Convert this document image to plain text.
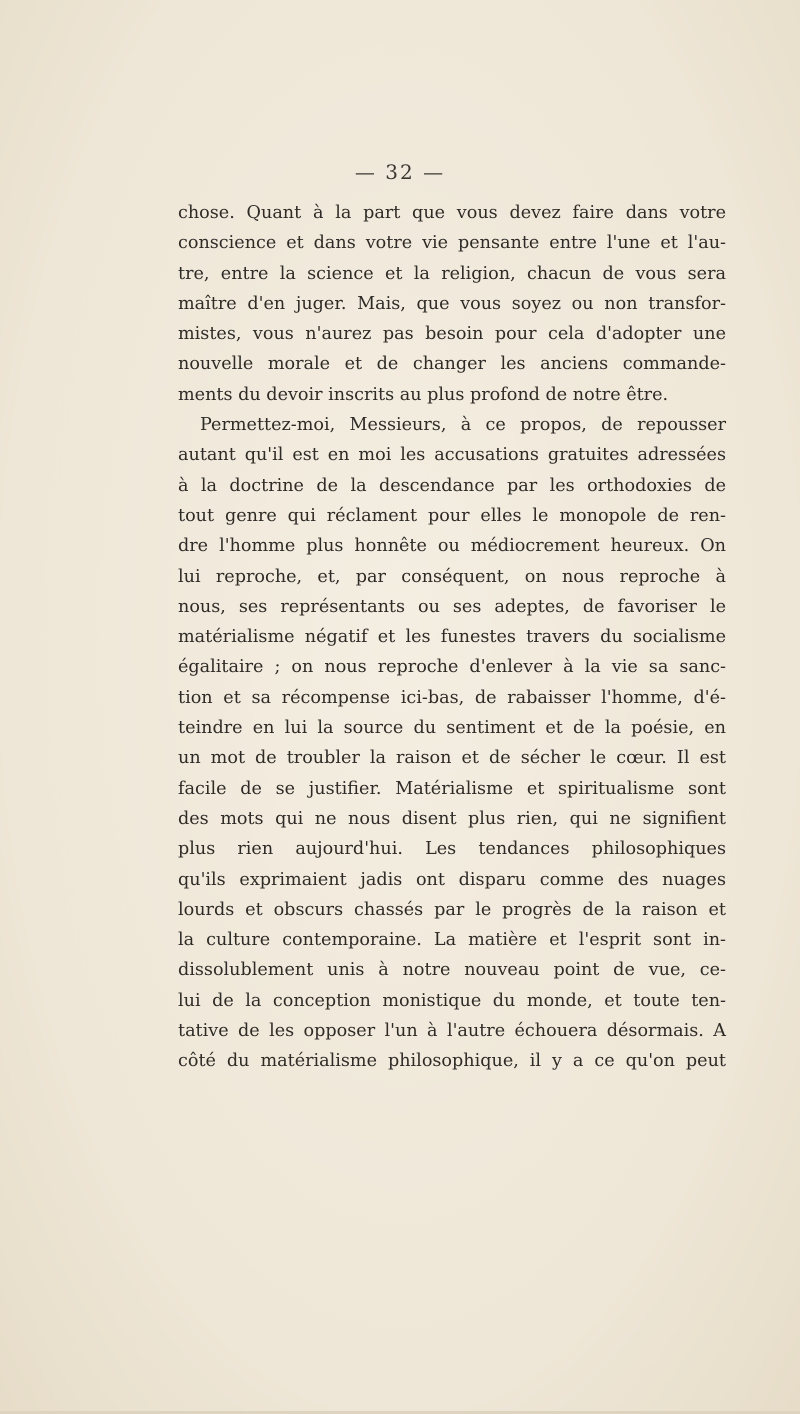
— 32 —
chose. Quant à la part que vous devez faire dans votre
conscience et dans votre vie pensante entre l'une et l'au-
tre, entre la science et la religion, chacun de vous sera
maître d'en juger. Mais, que vous soyez ou non transfor-
mistes, vous n'aurez pas besoin pour cela d'adopter une
nouvelle morale et de changer les anciens commande-
ments du devoir inscrits au plus profond de notre être.
Permettez-moi, Messieurs, à ce propos, de repousser
autant qu'il est en moi les accusations gratuites adressées
à la doctrine de la descendance par les orthodoxies de
tout genre qui réclament pour elles le monopole de ren-
dre l'homme plus honnête ou médiocrement heureux. On
lui reproche, et, par conséquent, on nous reproche à
nous, ses représentants ou ses adeptes, de favoriser le
matérialisme négatif et les funestes travers du socialisme
égalitaire ; on nous reproche d'enlever à la vie sa sanc-
tion et sa récompense ici-bas, de rabaisser l'homme, d'é-
teindre en lui la source du sentiment et de la poésie, en
un mot de troubler la raison et de sécher le cœur. Il est
facile de se justifier. Matérialisme et spiritualisme sont
des mots qui ne nous disent plus rien, qui ne signifient
plus rien aujourd'hui. Les tendances philosophiques
qu'ils exprimaient jadis ont disparu comme des nuages
lourds et obscurs chassés par le progrès de la raison et
la culture contemporaine. La matière et l'esprit sont in-
dissolublement unis à notre nouveau point de vue, ce-
lui de la conception monistique du monde, et toute ten-
tative de les opposer l'un à l'autre échouera désormais. A
côté du matérialisme philosophique, il y a ce qu'on peut
